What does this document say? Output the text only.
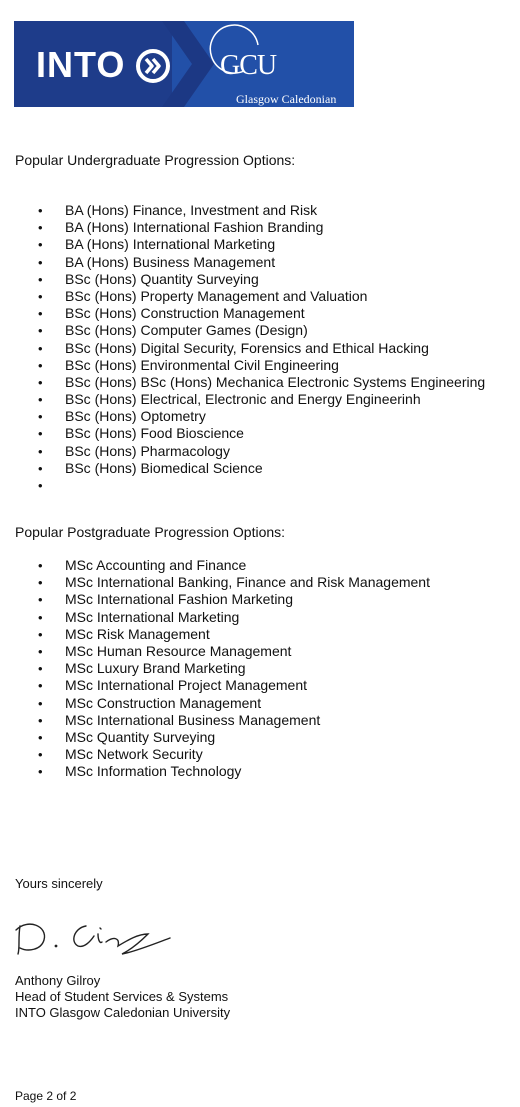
INTO	GCU
Glasgow Caledonian
University
Popular Undergraduate Progression Options:
• BA (Hons) Finance, Investment and Risk
• BA (Hons) International Fashion Branding
• BA (Hons) International Marketing
• BA (Hons) Business Management
• BSc (Hons) Quantity Surveying
• BSc (Hons) Property Management and Valuation
• BSc (Hons) Construction Management
• BSc (Hons) Computer Games (Design)
• BSc (Hons) Digital Security, Forensics and Ethical Hacking
• BSc (Hons) Environmental Civil Engineering
• BSc (Hons) BSc (Hons) Mechanica Electronic Systems Engineering
• BSc (Hons) Electrical, Electronic and Energy Engineerinh
• BSc (Hons) Optometry
• BSc (Hons) Food Bioscience
• BSc (Hons) Pharmacology
• BSc (Hons) Biomedical Science
•
Popular Postgraduate Progression Options:
• MSc Accounting and Finance
• MSc International Banking, Finance and Risk Management
• MSc International Fashion Marketing
• MSc International Marketing
• MSc Risk Management
• MSc Human Resource Management
• MSc Luxury Brand Marketing
• MSc International Project Management
• MSc Construction Management
• MSc International Business Management
• MSc Quantity Surveying
• MSc Network Security
• MSc Information Technology
Yours sincerely
Anthony Gilroy
Head of Student Services & Systems
INTO Glasgow Caledonian University
Page 2 of 2
